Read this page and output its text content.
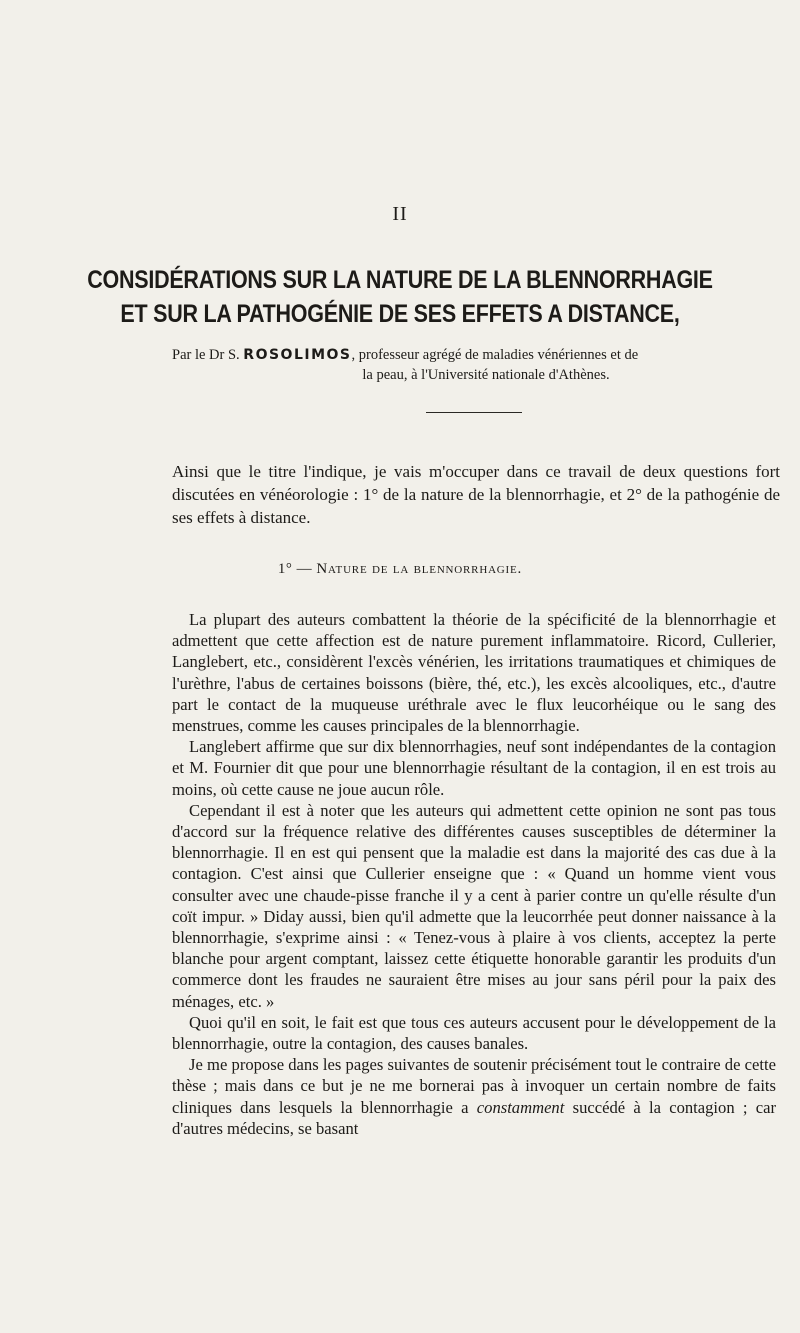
II
CONSIDÉRATIONS SUR LA NATURE DE LA BLENNORRHAGIE
ET SUR LA PATHOGÉNIE DE SES EFFETS A DISTANCE,
Par le Dr S. ROSOLIMOS, professeur agrégé de maladies vénériennes et de
la peau, à l'Université nationale d'Athènes.
Ainsi que le titre l'indique, je vais m'occuper dans ce travail de deux questions fort discutées en vénéorologie : 1° de la nature de la blennorrhagie, et 2° de la pathogénie de ses effets à distance.
1° — Nature de la blennorrhagie.

La plupart des auteurs combattent la théorie de la spécificité de la blennorrhagie et admettent que cette affection est de nature purement inflammatoire. Ricord, Cullerier, Langlebert, etc., considèrent l'excès vénérien, les irritations traumatiques et chimiques de l'urèthre, l'abus de certaines boissons (bière, thé, etc.), les excès alcooliques, etc., d'autre part le contact de la muqueuse uréthrale avec le flux leucorhéique ou le sang des menstrues, comme les causes principales de la blennorrhagie.

Langlebert affirme que sur dix blennorrhagies, neuf sont indépendantes de la contagion et M. Fournier dit que pour une blennorrhagie résultant de la contagion, il en est trois au moins, où cette cause ne joue aucun rôle.

Cependant il est à noter que les auteurs qui admettent cette opinion ne sont pas tous d'accord sur la fréquence relative des différentes causes susceptibles de déterminer la blennorrhagie. Il en est qui pensent que la maladie est dans la majorité des cas due à la contagion. C'est ainsi que Cullerier enseigne que : « Quand un homme vient vous consulter avec une chaude-pisse franche il y a cent à parier contre un qu'elle résulte d'un coït impur. » Diday aussi, bien qu'il admette que la leucorrhée peut donner naissance à la blennorrhagie, s'exprime ainsi : « Tenez-vous à plaire à vos clients, acceptez la perte blanche pour argent comptant, laissez cette étiquette honorable garantir les produits d'un commerce dont les fraudes ne sauraient être mises au jour sans péril pour la paix des ménages, etc. »

Quoi qu'il en soit, le fait est que tous ces auteurs accusent pour le développement de la blennorrhagie, outre la contagion, des causes banales.

Je me propose dans les pages suivantes de soutenir précisément tout le contraire de cette thèse ; mais dans ce but je ne me bornerai pas à invoquer un certain nombre de faits cliniques dans lesquels la blennorrhagie a constamment succédé à la contagion ; car d'autres médecins, se basant
